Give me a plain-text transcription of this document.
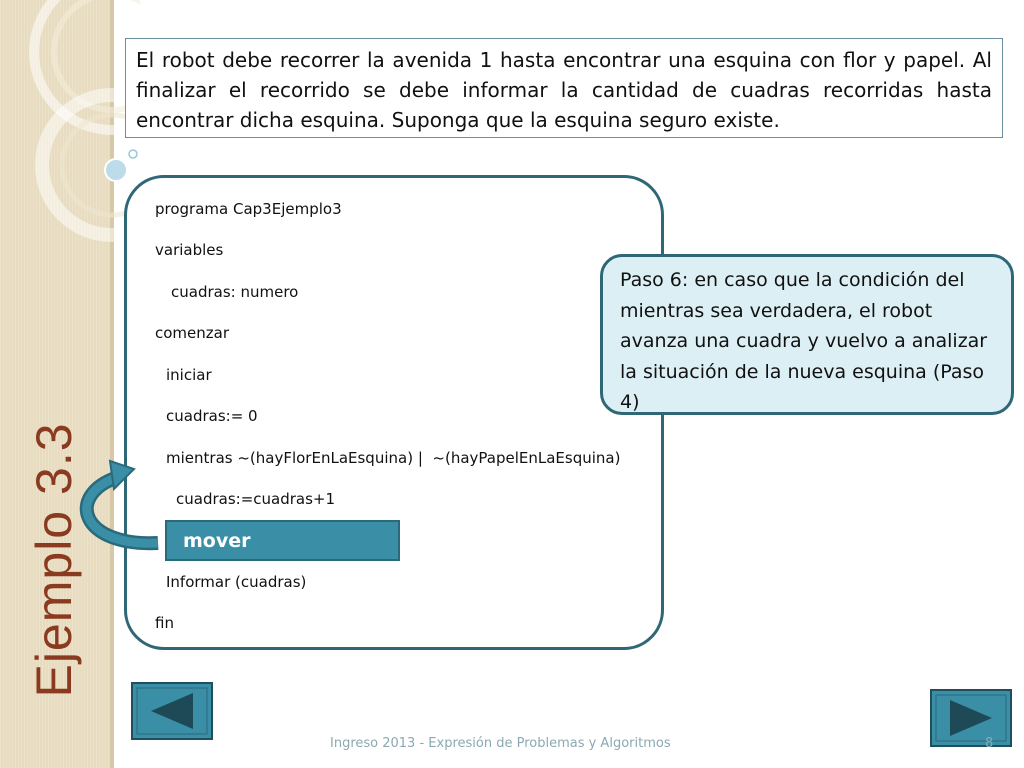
Ejemplo 3.3
El robot debe recorrer la avenida 1 hasta encontrar una esquina con flor y papel. Al finalizar el recorrido se debe informar la cantidad de cuadras recorridas hasta encontrar dicha esquina. Suponga que la esquina seguro existe.
programa Cap3Ejemplo3
variables
cuadras: numero
comenzar
iniciar
cuadras:= 0
mientras ~(hayFlorEnLaEsquina) |  ~(hayPapelEnLaEsquina)
cuadras:=cuadras+1
mover
Informar (cuadras)
fin
Paso 6: en caso que la condición del mientras sea verdadera, el robot avanza una cuadra y vuelvo a analizar la situación de la nueva esquina (Paso 4)
Ingreso 2013 - Expresión de Problemas y Algoritmos	8
